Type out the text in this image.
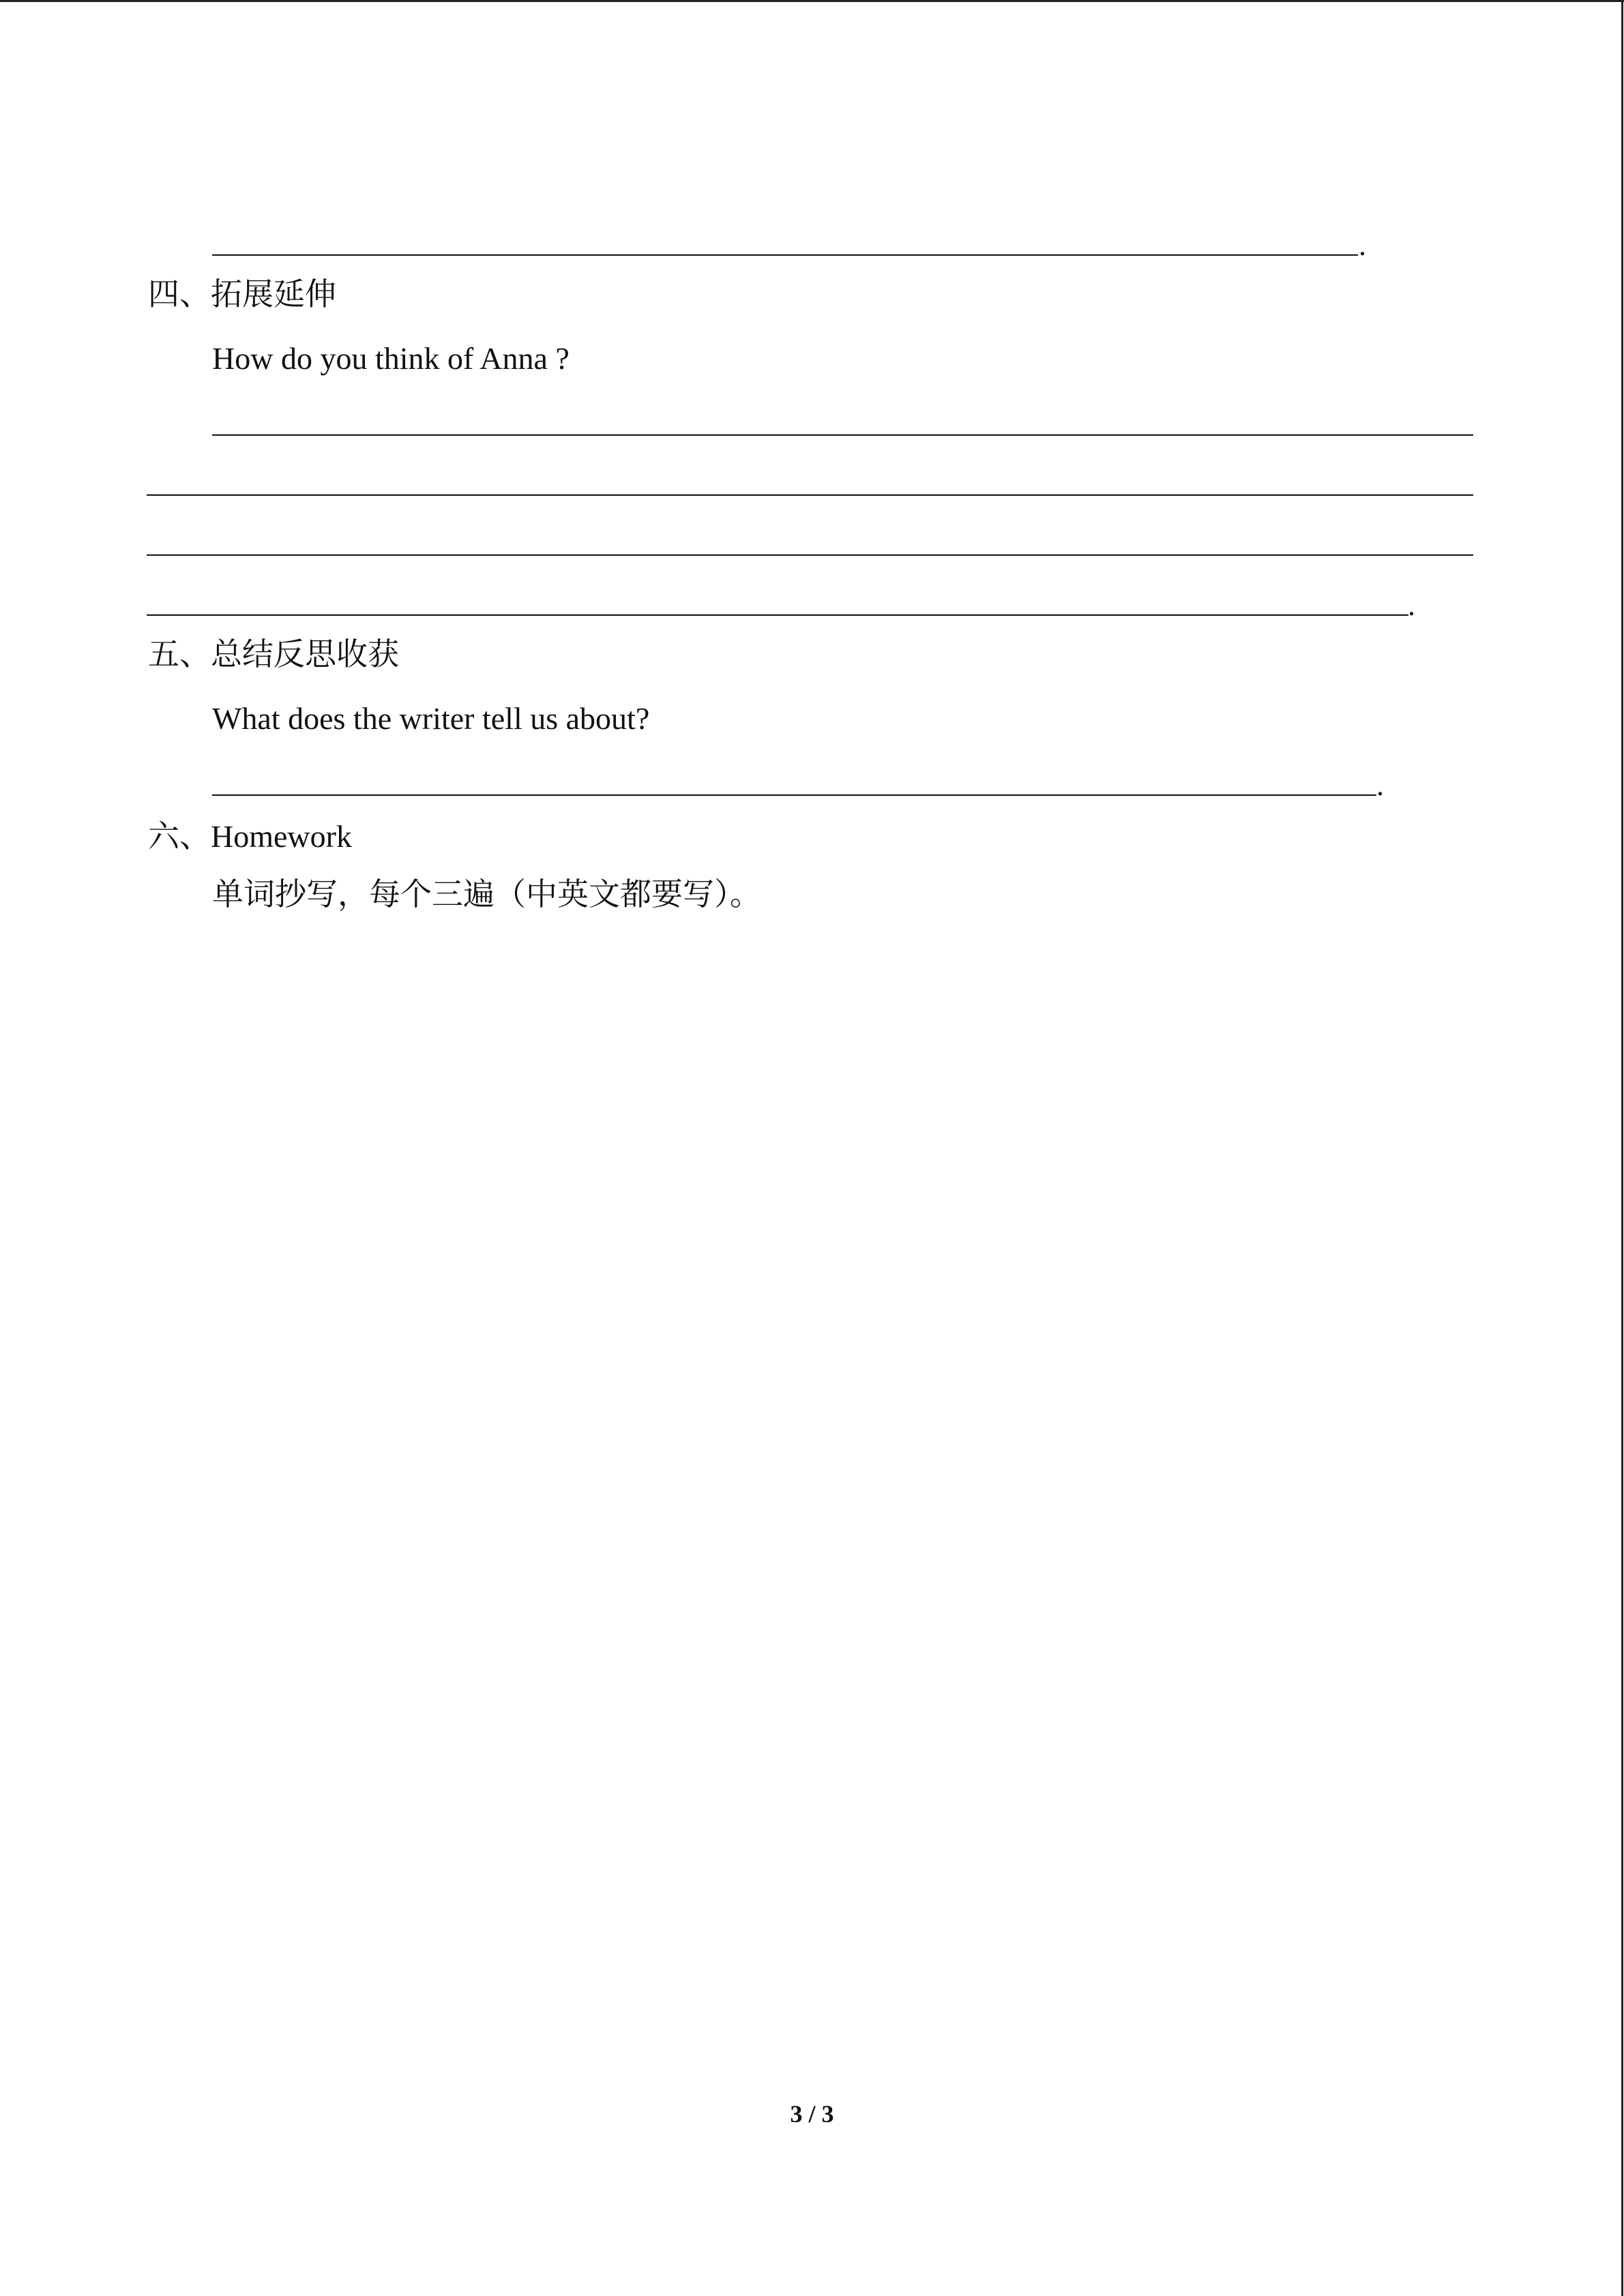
.
四、拓展延伸
How do you think of Anna ?
.
五、总结反思收获
What does the writer tell us about?
.
六、Homework
单词抄写，每个三遍（中英文都要写）。
3 / 3
